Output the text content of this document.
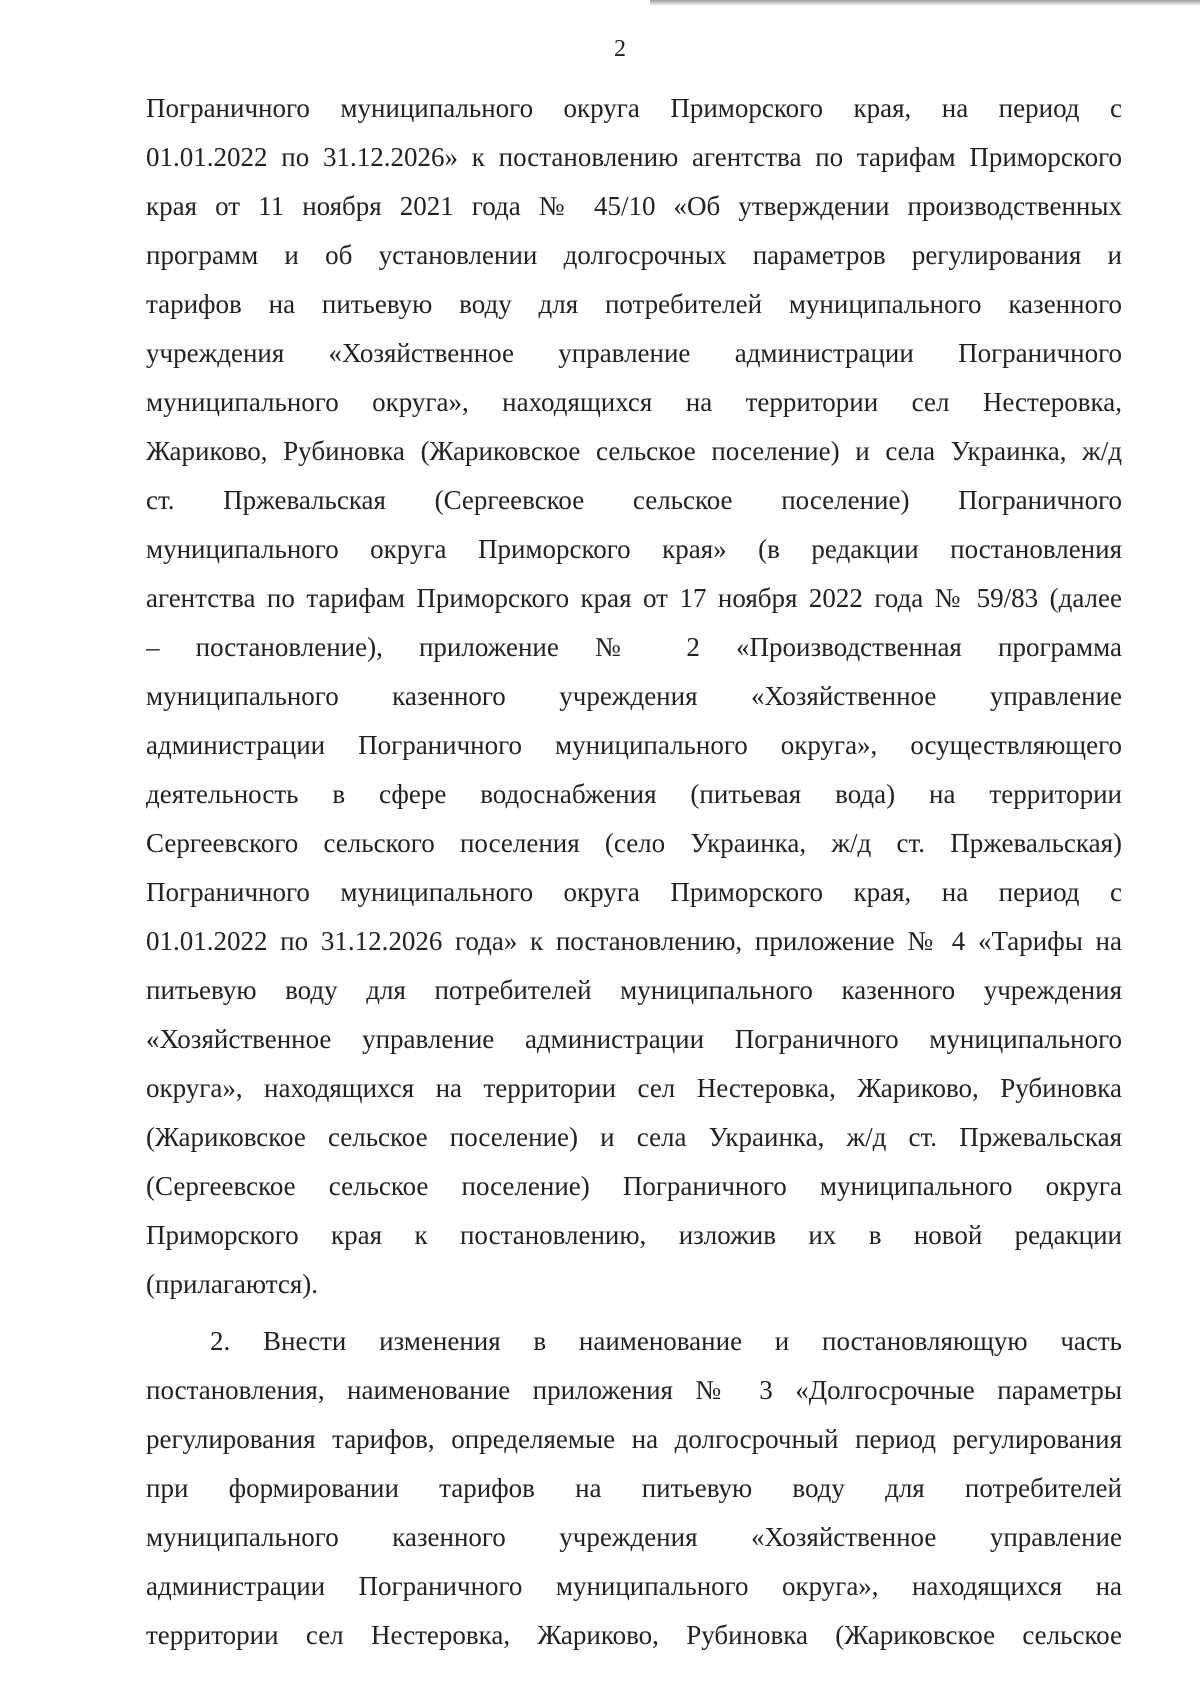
2
Пограничного муниципального округа Приморского края, на период с
01.01.2022 по 31.12.2026» к постановлению агентства по тарифам Приморского
края от 11 ноября 2021 года № 45/10 «Об утверждении производственных
программ и об установлении долгосрочных параметров регулирования и
тарифов на питьевую воду для потребителей муниципального казенного
учреждения «Хозяйственное управление администрации Пограничного
муниципального округа», находящихся на территории сел Нестеровка,
Жариково, Рубиновка (Жариковское сельское поселение) и села Украинка, ж/д
ст. Пржевальская (Сергеевское сельское поселение) Пограничного
муниципального округа Приморского края» (в редакции постановления
агентства по тарифам Приморского края от 17 ноября 2022 года № 59/83 (далее
– постановление), приложение № 2 «Производственная программа
муниципального казенного учреждения «Хозяйственное управление
администрации Пограничного муниципального округа», осуществляющего
деятельность в сфере водоснабжения (питьевая вода) на территории
Сергеевского сельского поселения (село Украинка, ж/д ст. Пржевальская)
Пограничного муниципального округа Приморского края, на период с
01.01.2022 по 31.12.2026 года» к постановлению, приложение № 4 «Тарифы на
питьевую воду для потребителей муниципального казенного учреждения
«Хозяйственное управление администрации Пограничного муниципального
округа», находящихся на территории сел Нестеровка, Жариково, Рубиновка
(Жариковское сельское поселение) и села Украинка, ж/д ст. Пржевальская
(Сергеевское сельское поселение) Пограничного муниципального округа
Приморского края к постановлению, изложив их в новой редакции
(прилагаются).
2. Внести изменения в наименование и постановляющую часть
постановления, наименование приложения № 3 «Долгосрочные параметры
регулирования тарифов, определяемые на долгосрочный период регулирования
при формировании тарифов на питьевую воду для потребителей
муниципального казенного учреждения «Хозяйственное управление
администрации Пограничного муниципального округа», находящихся на
территории сел Нестеровка, Жариково, Рубиновка (Жариковское сельское
